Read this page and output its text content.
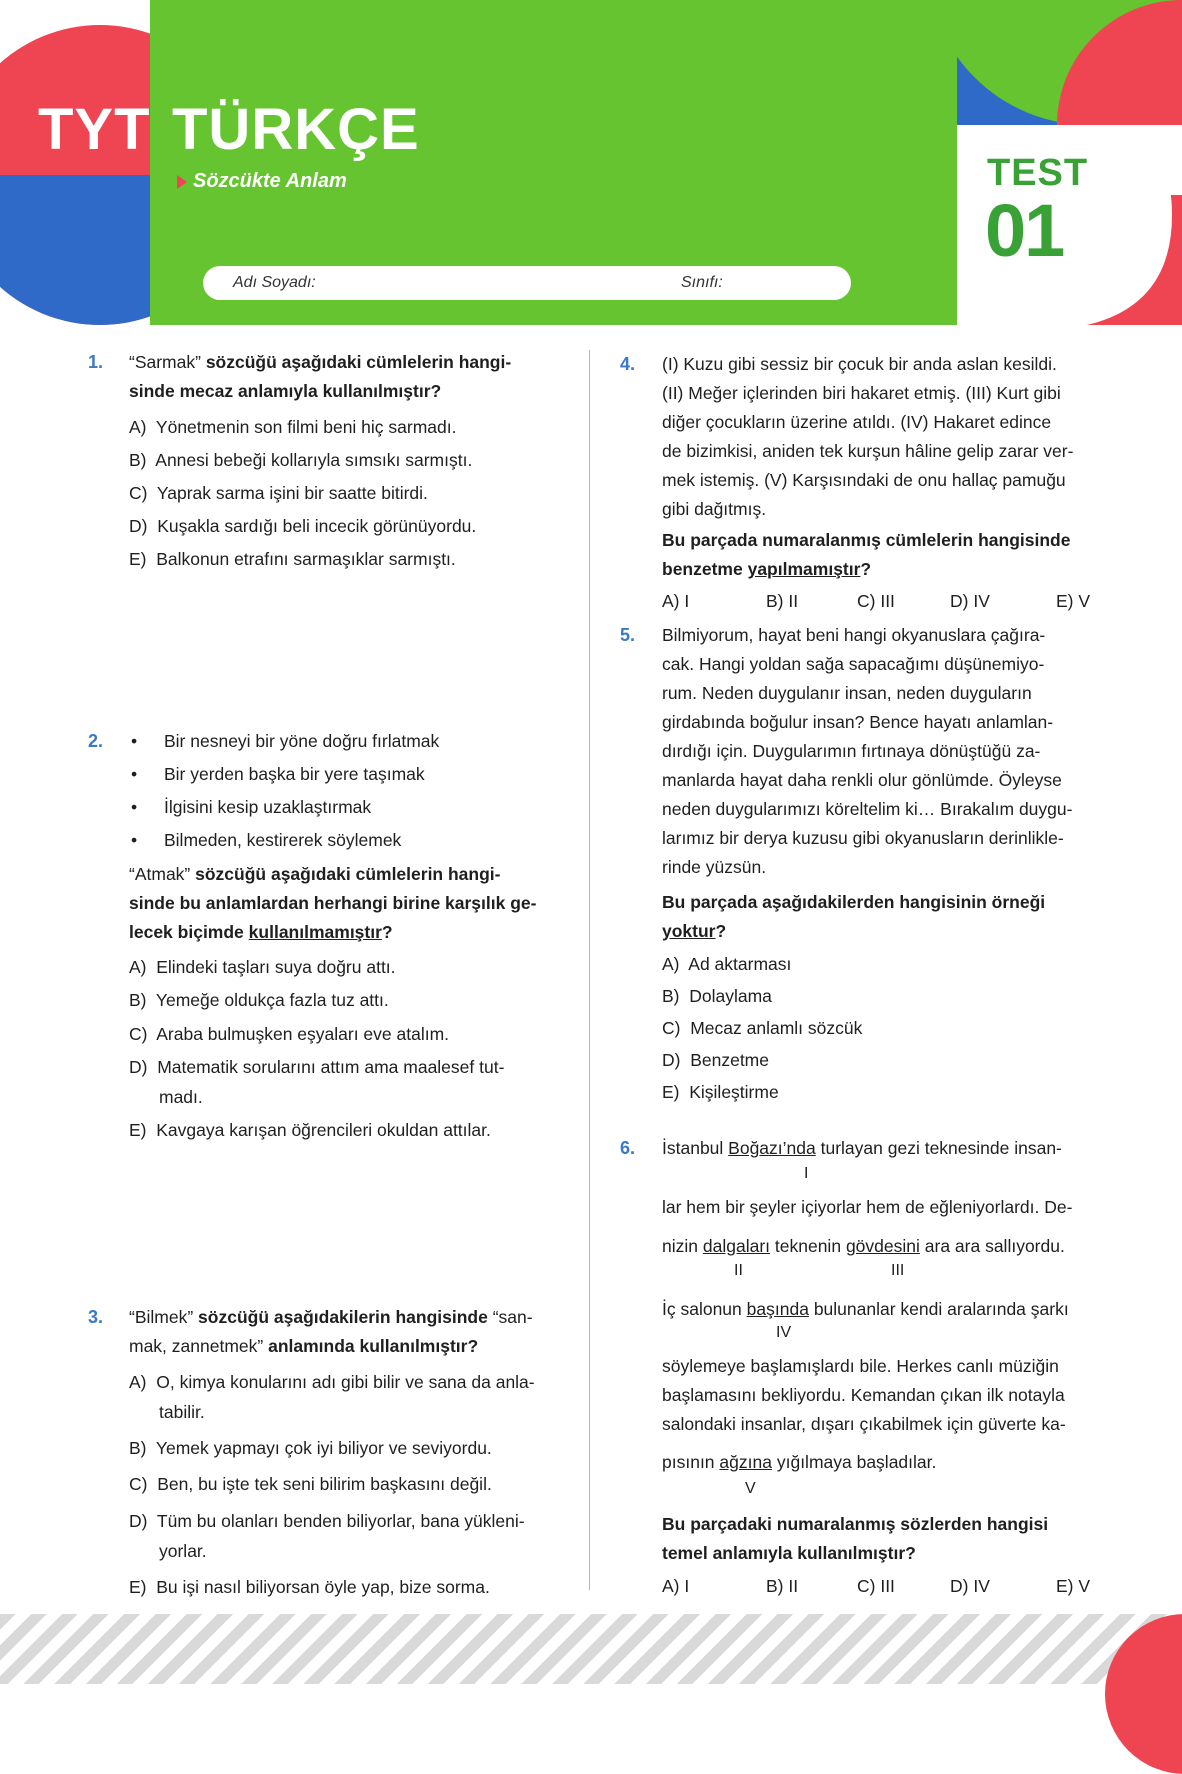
TYT TÜRKÇE
Sözcükte Anlam
Adı Soyadı:	Sınıfı:
TEST
01
1. “Sarmak” sözcüğü aşağıdaki cümlelerin hangi-
sinde mecaz anlamıyla kullanılmıştır?
A) Yönetmenin son filmi beni hiç sarmadı.
B) Annesi bebeği kollarıyla sımsıkı sarmıştı.
C) Yaprak sarma işini bir saatte bitirdi.
D) Kuşakla sardığı beli incecik görünüyordu.
E) Balkonun etrafını sarmaşıklar sarmıştı.
2. • Bir nesneyi bir yöne doğru fırlatmak
• Bir yerden başka bir yere taşımak
• İlgisini kesip uzaklaştırmak
• Bilmeden, kestirerek söylemek
“Atmak” sözcüğü aşağıdaki cümlelerin hangi-
sinde bu anlamlardan herhangi birine karşılık ge-
lecek biçimde kullanılmamıştır?
A) Elindeki taşları suya doğru attı.
B) Yemeğe oldukça fazla tuz attı.
C) Araba bulmuşken eşyaları eve atalım.
D) Matematik sorularını attım ama maalesef tut-
madı.
E) Kavgaya karışan öğrencileri okuldan attılar.
3. “Bilmek” sözcüğü aşağıdakilerin hangisinde “san-
mak, zannetmek” anlamında kullanılmıştır?
A) O, kimya konularını adı gibi bilir ve sana da anla-
tabilir.
B) Yemek yapmayı çok iyi biliyor ve seviyordu.
C) Ben, bu işte tek seni bilirim başkasını değil.
D) Tüm bu olanları benden biliyorlar, bana yükleni-
yorlar.
E) Bu işi nasıl biliyorsan öyle yap, bize sorma.
4. (I) Kuzu gibi sessiz bir çocuk bir anda aslan kesildi.
(II) Meğer içlerinden biri hakaret etmiş. (III) Kurt gibi
diğer çocukların üzerine atıldı. (IV) Hakaret edince
de bizimkisi, aniden tek kurşun hâline gelip zarar ver-
mek istemiş. (V) Karşısındaki de onu hallaç pamuğu
gibi dağıtmış.
Bu parçada numaralanmış cümlelerin hangisinde
benzetme yapılmamıştır?
A) I	B) II	C) III	D) IV	E) V
5. Bilmiyorum, hayat beni hangi okyanuslara çağıra-
cak. Hangi yoldan sağa sapacağımı düşünemiyo-
rum. Neden duygulanır insan, neden duyguların
girdabında boğulur insan? Bence hayatı anlamlan-
dırdığı için. Duygularımın fırtınaya dönüştüğü za-
manlarda hayat daha renkli olur gönlümde. Öyleyse
neden duygularımızı köreltelim ki… Bırakalım duygu-
larımız bir derya kuzusu gibi okyanusların derinlikle-
rinde yüzsün.
Bu parçada aşağıdakilerden hangisinin örneği
yoktur?
A) Ad aktarması
B) Dolaylama
C) Mecaz anlamlı sözcük
D) Benzetme
E) Kişileştirme
6. İstanbul Boğazı’nda turlayan gezi teknesinde insan-
I
lar hem bir şeyler içiyorlar hem de eğleniyorlardı. De-
nizin dalgaları teknenin gövdesini ara ara sallıyordu.
II	III
İç salonun başında bulunanlar kendi aralarında şarkı
IV
söylemeye başlamışlardı bile. Herkes canlı müziğin
başlamasını bekliyordu. Kemandan çıkan ilk notayla
salondaki insanlar, dışarı çıkabilmek için güverte ka-
pısının ağzına yığılmaya başladılar.
V
Bu parçadaki numaralanmış sözlerden hangisi
temel anlamıyla kullanılmıştır?
A) I	B) II	C) III	D) IV	E) V
